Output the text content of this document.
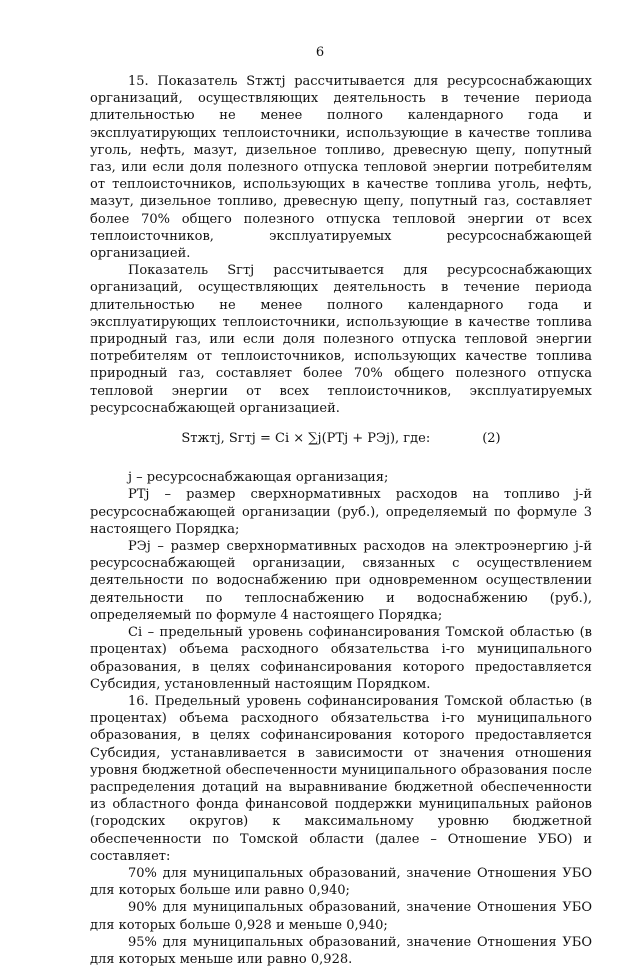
6

15. Показатель Sтжтj рассчитывается для ресурсоснабжающих организаций, осуществляющих деятельность в течение периода длительностью не менее полного календарного года и эксплуатирующих теплоисточники, использующие в качестве топлива уголь, нефть, мазут, дизельное топливо, древесную щепу, попутный газ, или если доля полезного отпуска тепловой энергии потребителям от теплоисточников, использующих в качестве топлива уголь, нефть, мазут, дизельное топливо, древесную щепу, попутный газ, составляет более 70% общего полезного отпуска тепловой энергии от всех теплоисточников, эксплуатируемых ресурсоснабжающей организацией.

Показатель Sгтj рассчитывается для ресурсоснабжающих организаций, осуществляющих деятельность в течение периода длительностью не менее полного календарного года и эксплуатирующих теплоисточники, использующие в качестве топлива природный газ, или если доля полезного отпуска тепловой энергии потребителям от теплоисточников, использующих качестве топлива природный газ, составляет более 70% общего полезного отпуска тепловой энергии от всех теплоисточников, эксплуатируемых ресурсоснабжающей организацией.

Sтжтj, Sгтj = Ci × ∑j(РТj + РЭj), где:	(2)

j – ресурсоснабжающая организация;

РТj – размер сверхнормативных расходов на топливо j-й ресурсоснабжающей организации (руб.), определяемый по формуле 3 настоящего Порядка;

РЭj – размер сверхнормативных расходов на электроэнергию j-й ресурсоснабжающей организации, связанных с осуществлением деятельности по водоснабжению при одновременном осуществлении деятельности по теплоснабжению и водоснабжению (руб.), определяемый по формуле 4 настоящего Порядка;

Ci – предельный уровень софинансирования Томской областью (в процентах) объема расходного обязательства i-го муниципального образования, в целях софинансирования которого предоставляется Субсидия, установленный настоящим Порядком.

16. Предельный уровень софинансирования Томской областью (в процентах) объема расходного обязательства i-го муниципального образования, в целях софинансирования которого предоставляется Субсидия, устанавливается в зависимости от значения отношения уровня бюджетной обеспеченности муниципального образования после распределения дотаций на выравнивание бюджетной обеспеченности из областного фонда финансовой поддержки муниципальных районов (городских округов) к максимальному уровню бюджетной обеспеченности по Томской области (далее – Отношение УБО) и составляет:

70% для муниципальных образований, значение Отношения УБО для которых больше или равно 0,940;

90% для муниципальных образований, значение Отношения УБО для которых больше 0,928 и меньше 0,940;

95% для муниципальных образований, значение Отношения УБО для которых меньше или равно 0,928.
